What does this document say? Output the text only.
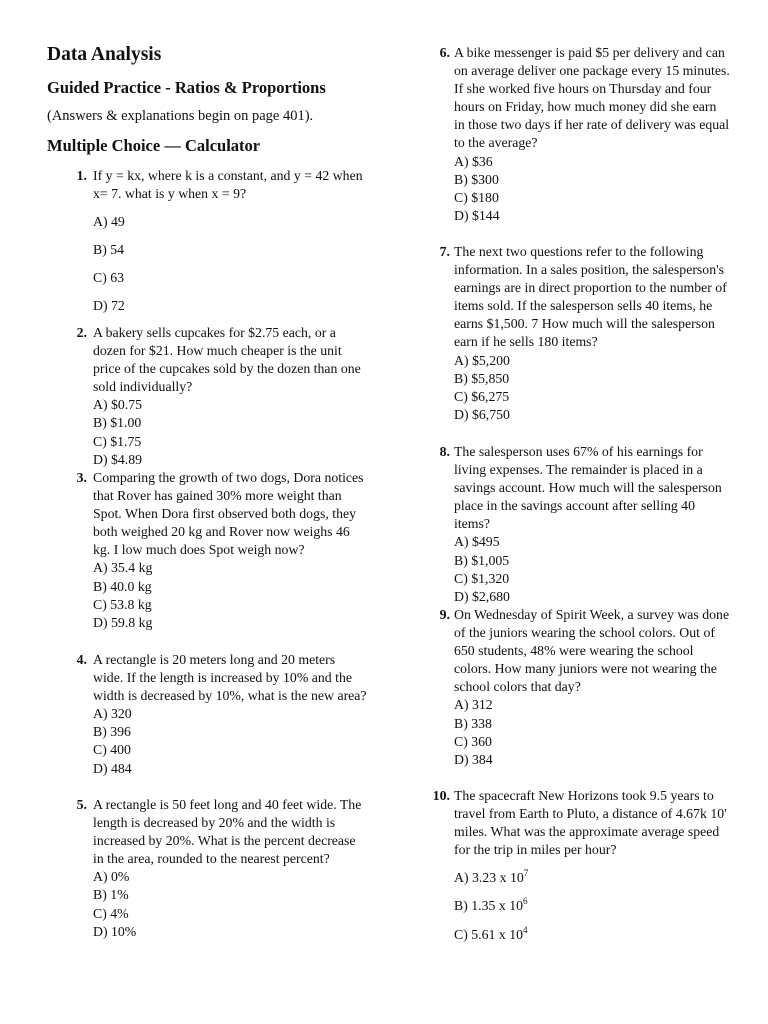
Data Analysis
Guided Practice - Ratios & Proportions

(Answers & explanations begin on page 401).

Multiple Choice — Calculator
1. If y = kx, where k is a constant, and y = 42 when x= 7. what is y when x = 9?
A) 49
B) 54
C) 63
D) 72
2. A bakery sells cupcakes for $2.75 each, or a dozen for $21. How much cheaper is the unit price of the cupcakes sold by the dozen than one sold individually?
A) $0.75
B) $1.00
C) $1.75
D) $4.89
3. Comparing the growth of two dogs, Dora notices that Rover has gained 30% more weight than Spot. When Dora first observed both dogs, they both weighed 20 kg and Rover now weighs 46 kg. I low much does Spot weigh now?
A) 35.4 kg
B) 40.0 kg
C) 53.8 kg
D) 59.8 kg
4. A rectangle is 20 meters long and 20 meters wide. If the length is increased by 10% and the width is decreased by 10%, what is the new area?
A) 320
B) 396
C) 400
D) 484
5. A rectangle is 50 feet long and 40 feet wide. The length is decreased by 20% and the width is increased by 20%. What is the percent decrease in the area, rounded to the nearest percent?
A) 0%
B) 1%
C) 4%
D) 10%
6. A bike messenger is paid $5 per delivery and can on average deliver one package every 15 minutes. If she worked five hours on Thursday and four hours on Friday, how much money did she earn in those two days if her rate of delivery was equal to the average?
A) $36
B) $300
C) $180
D) $144
7. The next two questions refer to the following information. In a sales position, the salesperson's earnings are in direct proportion to the number of items sold. If the salesperson sells 40 items, he earns $1,500. 7 How much will the salesperson earn if he sells 180 items?
A) $5,200
B) $5,850
C) $6,275
D) $6,750
8. The salesperson uses 67% of his earnings for living expenses. The remainder is placed in a savings account. How much will the salesperson place in the savings account after selling 40 items?
A) $495
B) $1,005
C) $1,320
D) $2,680
9. On Wednesday of Spirit Week, a survey was done of the juniors wearing the school colors. Out of 650 students, 48% were wearing the school colors. How many juniors were not wearing the school colors that day?
A) 312
B) 338
C) 360
D) 384
10. The spacecraft New Horizons took 9.5 years to travel from Earth to Pluto, a distance of 4.67k 10' miles. What was the approximate average speed for the trip in miles per hour?
A) 3.23 x $10^7$
B) 1.35 x $10^6$
C) 5.61 x $10^4$
